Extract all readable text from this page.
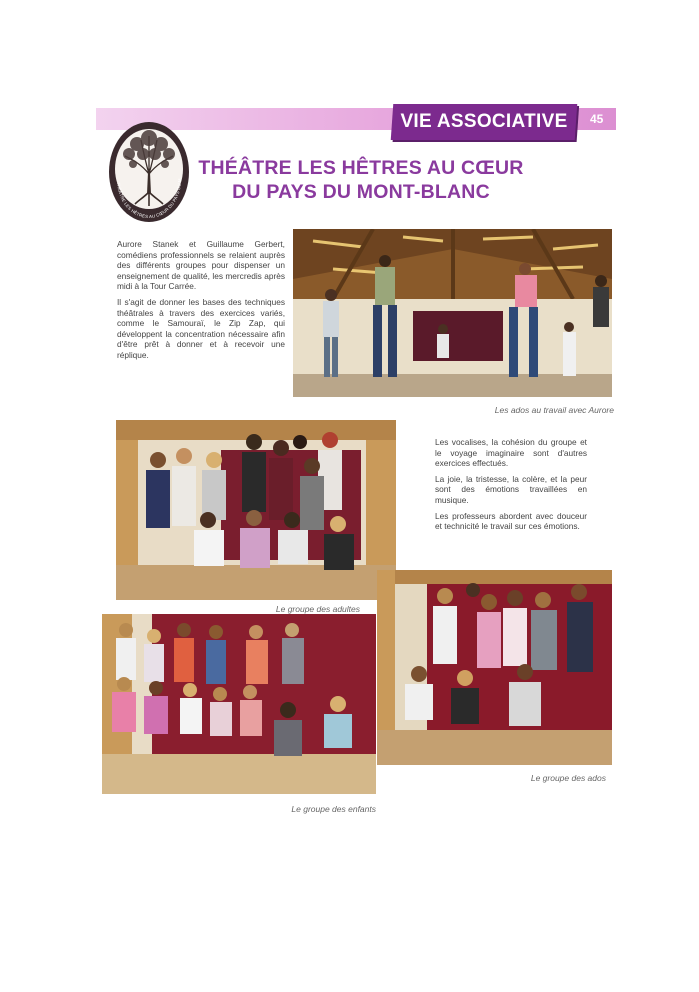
VIE ASSOCIATIVE	45
THÉÂTRE LES HÊTRES AU CŒUR DU PAYS DU M
THÉÂTRE LES HÊTRES AU CŒUR
DU PAYS DU MONT-BLANC

Aurore Stanek et Guillaume Gerbert, comédiens professionnels se relaient auprès des différents groupes pour dispenser un enseignement de qualité, les mercredis après midi à la Tour Carrée.

Il s'agit de donner les bases des techniques théâtrales à travers des exercices variés, comme le Samouraï, le Zip Zap, qui développent la concentration nécessaire afin d'être prêt à donner et à recevoir une réplique.

Les vocalises, la cohésion du groupe et le voyage imaginaire sont d'autres exercices effectués.

La joie, la tristesse, la colère, et la peur sont des émotions travaillées en musique.

Les professeurs abordent avec douceur et technicité le travail sur ces émotions.

Les ados au travail avec Aurore
Le groupe des adultes
Le groupe des ados
Le groupe des enfants
